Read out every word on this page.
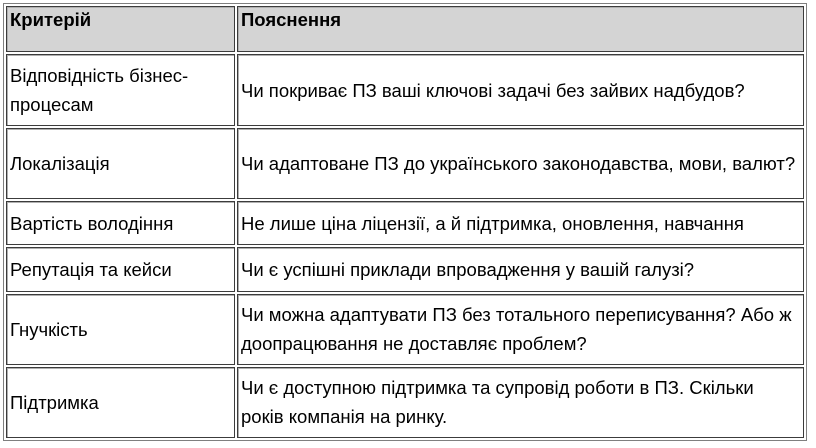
Критерій	Пояснення
Відповідність бізнес-процесам	Чи покриває ПЗ ваші ключові задачі без зайвих надбудов?
Локалізація	Чи адаптоване ПЗ до українського законодавства, мови, валют?
Вартість володіння	Не лише ціна ліцензії, а й підтримка, оновлення, навчання
Репутація та кейси	Чи є успішні приклади впровадження у вашій галузі?
Гнучкість	Чи можна адаптувати ПЗ без тотального переписування? Або ж доопрацювання не доставляє проблем?
Підтримка	Чи є доступною підтримка та супровід роботи в ПЗ. Скільки років компанія на ринку.
